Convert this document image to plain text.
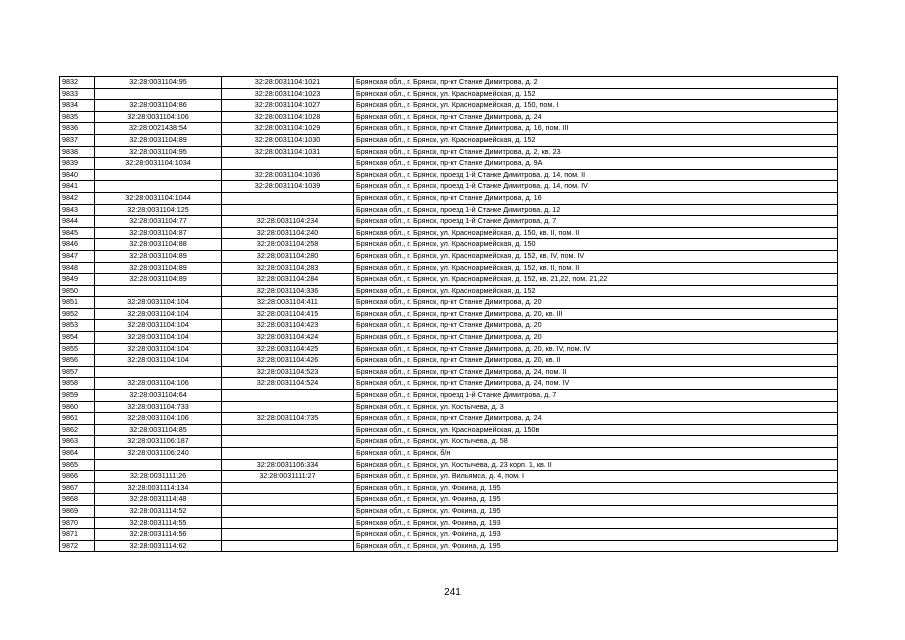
9832	32:28:0031104:95	32:28:0031104:1021	Брянская обл., г. Брянск, пр-кт Станке Димитрова, д. 2
9833		32:28:0031104:1023	Брянская обл., г. Брянск, ул. Красноармейская, д. 152
9834	32:28:0031104:86	32:28:0031104:1027	Брянская обл., г. Брянск, ул. Красноармейская, д. 150, пом. I
9835	32:28:0031104:106	32:28:0031104:1028	Брянская обл., г. Брянск, пр-кт Станке Димитрова, д. 24
9836	32:28:0021438:54	32:28:0031104:1029	Брянская обл., г. Брянск, пр-кт Станке Димитрова, д. 16, пом. III
9837	32:28:0031104:89	32:28:0031104:1030	Брянская обл., г. Брянск, ул. Красноармейская, д. 152
9838	32:28:0031104:95	32:28:0031104:1031	Брянская обл., г. Брянск, пр-кт Станке Димитрова, д. 2, кв. 23
9839	32:28:0031104:1034		Брянская обл., г. Брянск, пр-кт Станке Димитрова, д. 9А
9840		32:28:0031104:1036	Брянская обл., г. Брянск, проезд 1-й Станке Димитрова, д. 14, пом. II
9841		32:28:0031104:1039	Брянская обл., г. Брянск, проезд 1-й Станке Димитрова, д. 14, пом. IV
9842	32:28:0031104:1044		Брянская обл., г. Брянск, пр-кт Станке Димитрова, д. 16
9843	32:28:0031104:125		Брянская обл., г. Брянск, проезд 1-й Станке Димитрова, д. 12
9844	32:28:0031104:77	32:28:0031104:234	Брянская обл., г. Брянск, проезд 1-й Станке Димитрова, д. 7
9845	32:28:0031104:87	32:28:0031104:240	Брянская обл., г. Брянск, ул. Красноармейская, д. 150, кв. II, пом. II
9846	32:28:0031104:88	32:28:0031104:258	Брянская обл., г. Брянск, ул. Красноармейская, д. 150
9847	32:28:0031104:89	32:28:0031104:280	Брянская обл., г. Брянск, ул. Красноармейская, д. 152, кв. IV, пом. IV
9848	32:28:0031104:89	32:28:0031104:283	Брянская обл., г. Брянск, ул. Красноармейская, д. 152, кв. II, пом. II
9849	32:28:0031104:89	32:28:0031104:284	Брянская обл., г. Брянск, ул. Красноармейская, д. 152, кв. 21,22, пом. 21,22
9850		32:28:0031104:336	Брянская обл., г. Брянск, ул. Красноармейская, д. 152
9851	32:28:0031104:104	32:28:0031104:411	Брянская обл., г. Брянск, пр-кт Станке Димитрова, д. 20
9852	32:28:0031104:104	32:28:0031104:415	Брянская обл., г. Брянск, пр-кт Станке Димитрова, д. 20, кв. III
9853	32:28:0031104:104	32:28:0031104:423	Брянская обл., г. Брянск, пр-кт Станке Димитрова, д. 20
9854	32:28:0031104:104	32:28:0031104:424	Брянская обл., г. Брянск, пр-кт Станке Димитрова, д. 20
9855	32:28:0031104:104	32:28:0031104:425	Брянская обл., г. Брянск, пр-кт Станке Димитрова, д. 20, кв. IV, пом. IV
9856	32:28:0031104:104	32:28:0031104:426	Брянская обл., г. Брянск, пр-кт Станке Димитрова, д. 20, кв. II
9857		32:28:0031104:523	Брянская обл., г. Брянск, пр-кт Станке Димитрова, д. 24, пом. II
9858	32:28:0031104:106	32:28:0031104:524	Брянская обл., г. Брянск, пр-кт Станке Димитрова, д. 24, пом. IV
9859	32:28:0031104:64		Брянская обл., г. Брянск, проезд 1-й Станке Димитрова, д. 7
9860	32:28:0031104:733		Брянская обл., г. Брянск, ул. Костычева, д. 3
9861	32:28:0031104:106	32:28:0031104:735	Брянская обл., г. Брянск, пр-кт Станке Димитрова, д. 24
9862	32:28:0031104:85		Брянская обл., г. Брянск, ул. Красноармейская, д. 150в
9863	32:28:0031106:187		Брянская обл., г. Брянск, ул. Костычева, д. 58
9864	32:28:0031106:240		Брянская обл., г. Брянск, б/н
9865		32:28:0031106:334	Брянская обл., г. Брянск, ул. Костычева, д. 23 корп. 1, кв. II
9866	32:28:0031111:26	32:28:0031111:27	Брянская обл., г. Брянск, ул. Вильямса, д. 4, пом. I
9867	32:28:0031114:134		Брянская обл., г. Брянск, ул. Фокина, д. 195
9868	32:28:0031114:48		Брянская обл., г. Брянск, ул. Фокина, д. 195
9869	32:28:0031114:52		Брянская обл., г. Брянск, ул. Фокина, д. 195
9870	32:28:0031114:55		Брянская обл., г. Брянск, ул. Фокина, д. 193
9871	32:28:0031114:56		Брянская обл., г. Брянск, ул. Фокина, д. 193
9872	32:28:0031114:62		Брянская обл., г. Брянск, ул. Фокина, д. 195
241
